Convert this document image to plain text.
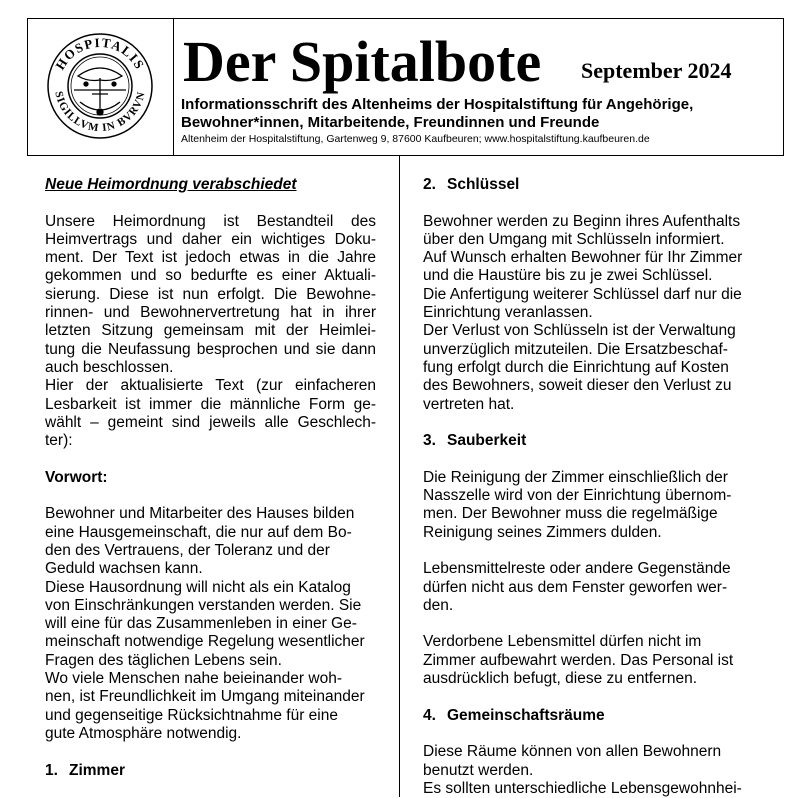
HOSPITALIS
SIGILLVM IN BVRVN
Der Spitalbote September 2024
Informationsschrift des Altenheims der Hospitalstiftung für Angehörige,
Bewohner*innen, Mitarbeitende, Freundinnen und Freunde
Altenheim der Hospitalstiftung, Gartenweg 9, 87600 Kaufbeuren; www.hospitalstiftung.kaufbeuren.de

Neue Heimordnung verabschiedet

Unsere Heimordnung ist Bestandteil des
Heimvertrags und daher ein wichtiges Doku-
ment. Der Text ist jedoch etwas in die Jahre
gekommen und so bedurfte es einer Aktuali-
sierung. Diese ist nun erfolgt. Die Bewohne-
rinnen- und Bewohnervertretung hat in ihrer
letzten Sitzung gemeinsam mit der Heimlei-
tung die Neufassung besprochen und sie dann
auch beschlossen.
Hier der aktualisierte Text (zur einfacheren
Lesbarkeit ist immer die männliche Form ge-
wählt – gemeint sind jeweils alle Geschlech-
ter):

Vorwort:

Bewohner und Mitarbeiter des Hauses bilden
eine Hausgemeinschaft, die nur auf dem Bo-
den des Vertrauens, der Toleranz und der
Geduld wachsen kann.
Diese Hausordnung will nicht als ein Katalog
von Einschränkungen verstanden werden. Sie
will eine für das Zusammenleben in einer Ge-
meinschaft notwendige Regelung wesentlicher
Fragen des täglichen Lebens sein.
Wo viele Menschen nahe beieinander woh-
nen, ist Freundlichkeit im Umgang miteinander
und gegenseitige Rücksichtnahme für eine
gute Atmosphäre notwendig.

1. Zimmer

2. Schlüssel

Bewohner werden zu Beginn ihres Aufenthalts
über den Umgang mit Schlüsseln informiert.
Auf Wunsch erhalten Bewohner für Ihr Zimmer
und die Haustüre bis zu je zwei Schlüssel.
Die Anfertigung weiterer Schlüssel darf nur die
Einrichtung veranlassen.
Der Verlust von Schlüsseln ist der Verwaltung
unverzüglich mitzuteilen. Die Ersatzbeschaf-
fung erfolgt durch die Einrichtung auf Kosten
des Bewohners, soweit dieser den Verlust zu
vertreten hat.

3. Sauberkeit

Die Reinigung der Zimmer einschließlich der
Nasszelle wird von der Einrichtung übernom-
men. Der Bewohner muss die regelmäßige
Reinigung seines Zimmers dulden.
Lebensmittelreste oder andere Gegenstände
dürfen nicht aus dem Fenster geworfen wer-
den.
Verdorbene Lebensmittel dürfen nicht im
Zimmer aufbewahrt werden. Das Personal ist
ausdrücklich befugt, diese zu entfernen.

4. Gemeinschaftsräume

Diese Räume können von allen Bewohnern
benutzt werden.
Es sollten unterschiedliche Lebensgewohnhei-
